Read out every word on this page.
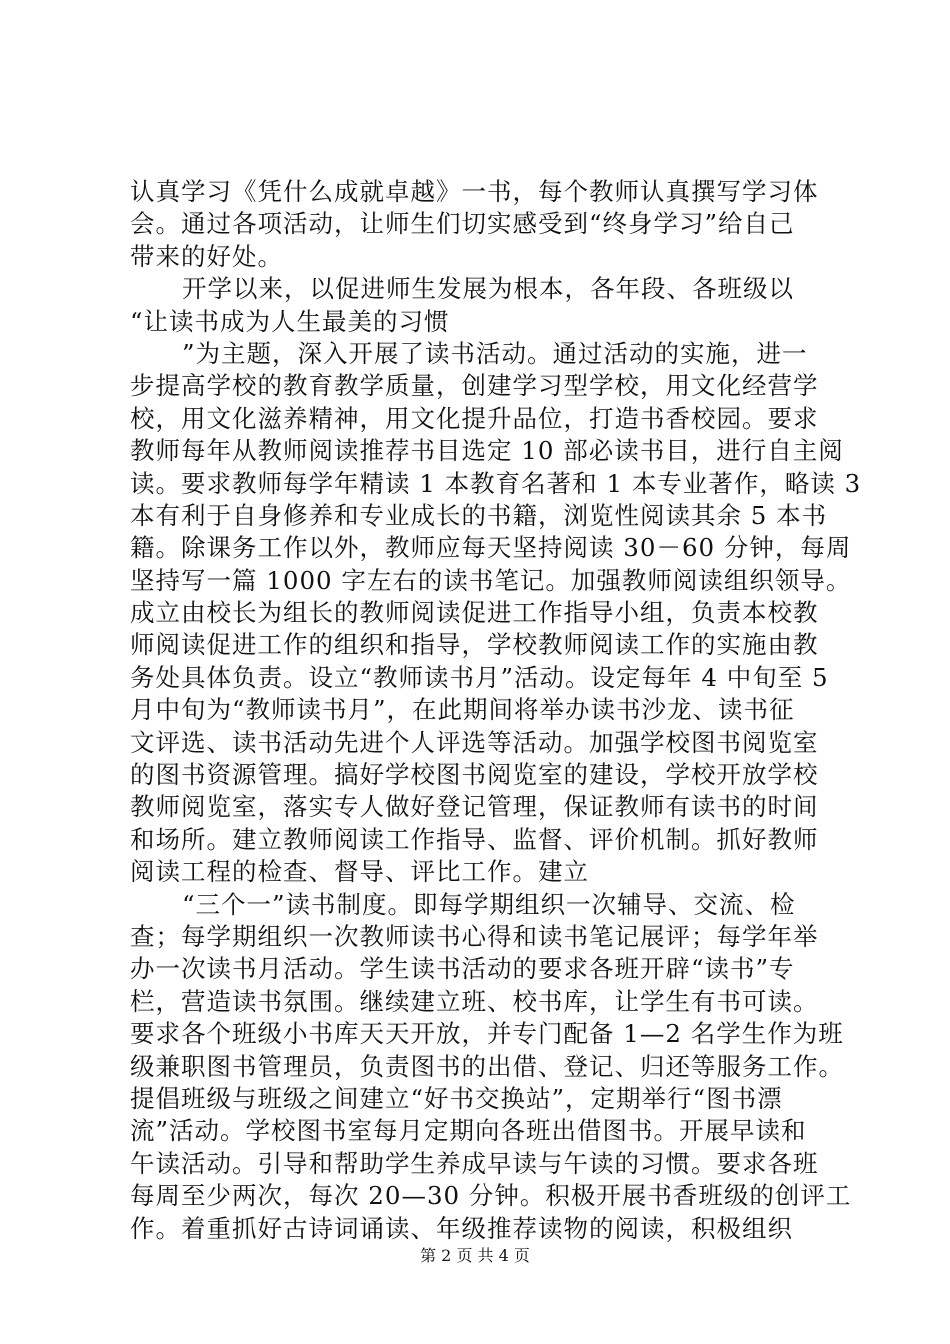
认真学习《凭什么成就卓越》一书，每个教师认真撰写学习体
会。通过各项活动，让师生们切实感受到“终身学习”给自己
带来的好处。
开学以来，以促进师生发展为根本，各年段、各班级以
“让读书成为人生最美的习惯
”为主题，深入开展了读书活动。通过活动的实施，进一
步提高学校的教育教学质量，创建学习型学校，用文化经营学
校，用文化滋养精神，用文化提升品位，打造书香校园。要求
教师每年从教师阅读推荐书目选定 10 部必读书目，进行自主阅
读。要求教师每学年精读 1 本教育名著和 1 本专业著作，略读 3
本有利于自身修养和专业成长的书籍，浏览性阅读其余 5 本书
籍。除课务工作以外，教师应每天坚持阅读 30－60 分钟，每周
坚持写一篇 1000 字左右的读书笔记。加强教师阅读组织领导。
成立由校长为组长的教师阅读促进工作指导小组，负责本校教
师阅读促进工作的组织和指导，学校教师阅读工作的实施由教
务处具体负责。设立“教师读书月”活动。设定每年 4 中旬至 5
月中旬为“教师读书月”，在此期间将举办读书沙龙、读书征
文评选、读书活动先进个人评选等活动。加强学校图书阅览室
的图书资源管理。搞好学校图书阅览室的建设，学校开放学校
教师阅览室，落实专人做好登记管理，保证教师有读书的时间
和场所。建立教师阅读工作指导、监督、评价机制。抓好教师
阅读工程的检查、督导、评比工作。建立
“三个一”读书制度。即每学期组织一次辅导、交流、检
查；每学期组织一次教师读书心得和读书笔记展评；每学年举
办一次读书月活动。学生读书活动的要求各班开辟“读书”专
栏，营造读书氛围。继续建立班、校书库，让学生有书可读。
要求各个班级小书库天天开放，并专门配备 1—2 名学生作为班
级兼职图书管理员，负责图书的出借、登记、归还等服务工作。
提倡班级与班级之间建立“好书交换站”，定期举行“图书漂
流”活动。学校图书室每月定期向各班出借图书。开展早读和
午读活动。引导和帮助学生养成早读与午读的习惯。要求各班
每周至少两次，每次 20—30 分钟。积极开展书香班级的创评工
作。着重抓好古诗词诵读、年级推荐读物的阅读，积极组织
第 2 页 共 4 页
